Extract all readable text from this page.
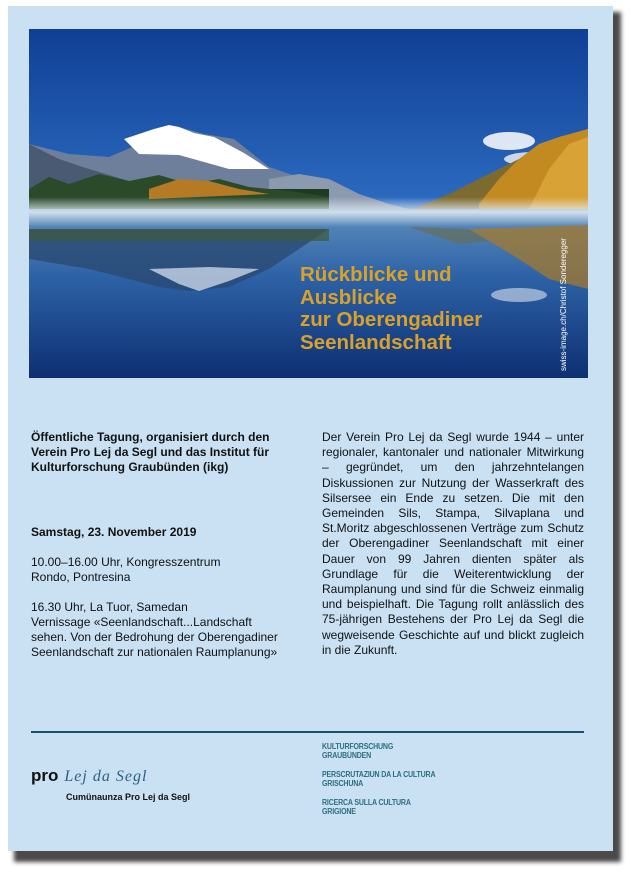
Rückblicke und
Ausblicke
zur Oberengadiner
Seenlandschaft	swiss-image.ch/Christof Sonderegger

Öffentliche Tagung, organisiert durch den Verein Pro Lej da Segl und das Institut für Kulturforschung Graubünden (ikg)

Samstag, 23. November 2019

10.00–16.00 Uhr, Kongresszentrum
Rondo, Pontresina

16.30 Uhr, La Tuor, Samedan
Vernissage «Seenlandschaft...Landschaft sehen. Von der Bedrohung der Oberengadiner Seenlandschaft zur nationalen Raumplanung»

Der Verein Pro Lej da Segl wurde 1944 – unter regionaler, kantonaler und nationaler Mitwirkung – gegründet, um den jahrzehntelangen Diskussionen zur Nutzung der Wasserkraft des Silsersee ein Ende zu setzen. Die mit den Gemeinden Sils, Stampa, Silvaplana und St.Moritz abgeschlossenen Verträge zum Schutz der Oberengadiner Seenlandschaft mit einer Dauer von 99 Jahren dienten später als Grundlage für die Weiterentwicklung der Raumplanung und sind für die Schweiz einmalig und beispielhaft. Die Tagung rollt anlässlich des 75-jährigen Bestehens der Pro Lej da Segl die wegweisende Geschichte auf und blickt zugleich in die Zukunft.

pro Lej da Segl
Cumünaunza Pro Lej da Segl
KULTURFORSCHUNG
GRAUBÜNDEN
PERSCRUTAZIUN DA LA CULTURA
GRISCHUNA
RICERCA SULLA CULTURA
GRIGIONE
